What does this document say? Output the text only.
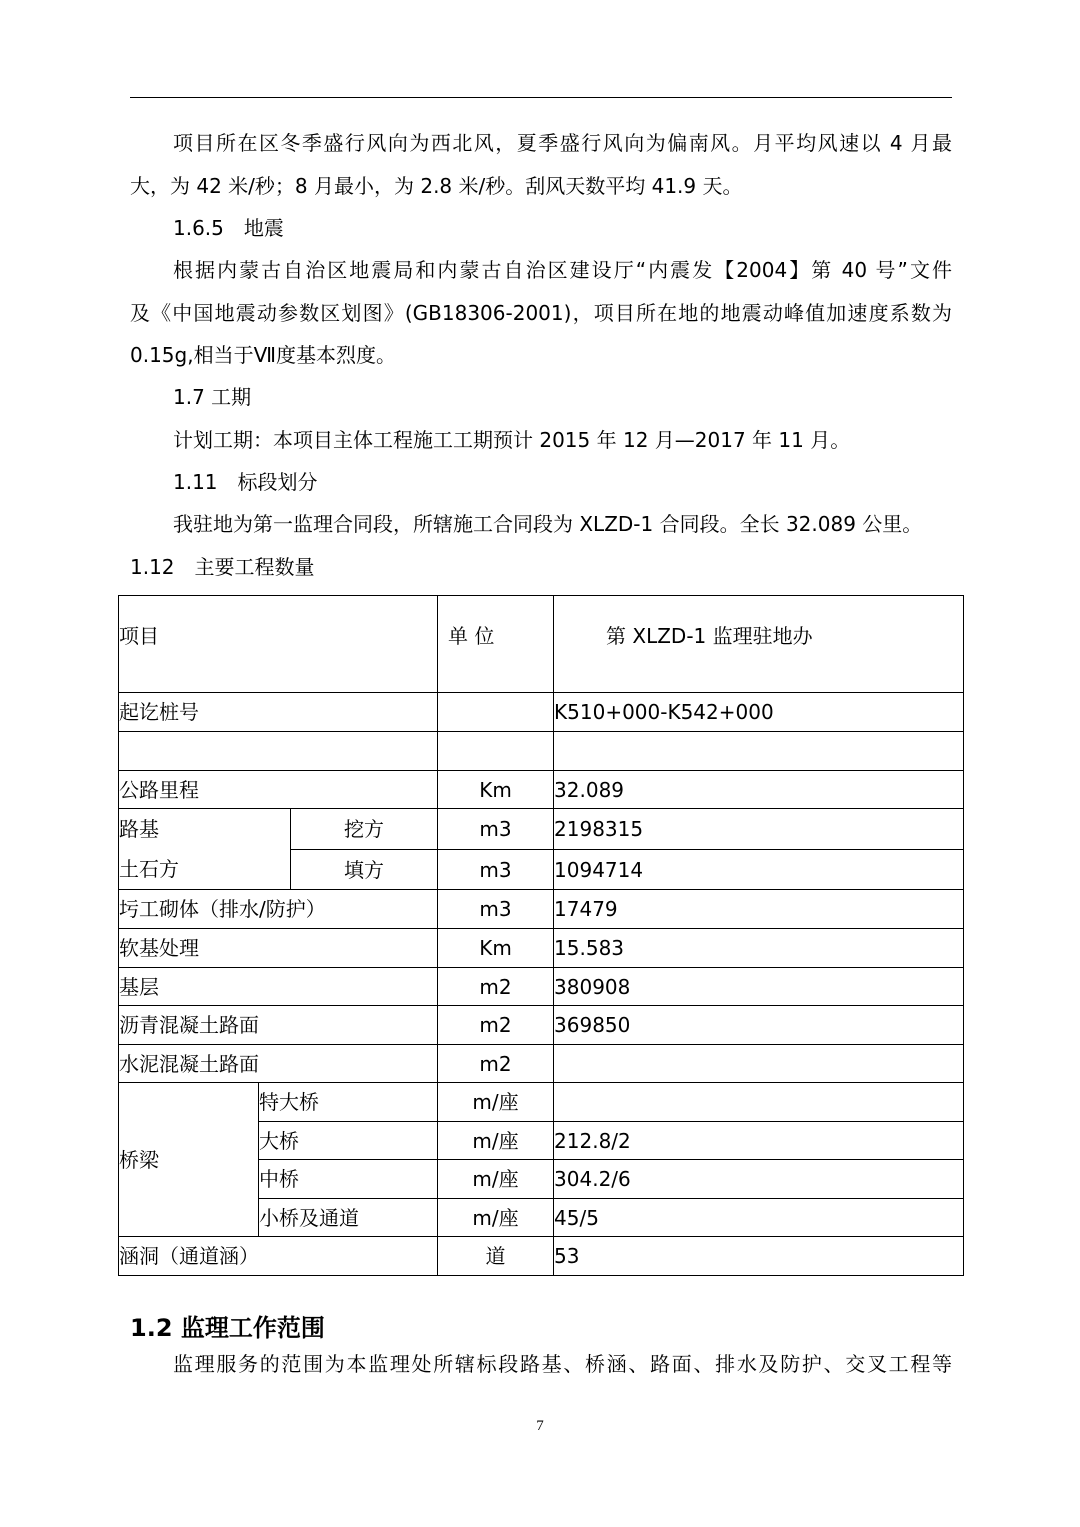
项目所在区冬季盛行风向为西北风，夏季盛行风向为偏南风。月平均风速以 4 月最
大，为 42 米/秒；8 月最小，为 2.8 米/秒。刮风天数平均 41.9 天。
1.6.5　地震
根据内蒙古自治区地震局和内蒙古自治区建设厅“内震发【2004】第 40 号”文件
及《中国地震动参数区划图》(GB18306-2001)，项目所在地的地震动峰值加速度系数为
0.15g,相当于Ⅶ度基本烈度。
1.7 工期
计划工期：本项目主体工程施工工期预计 2015 年 12 月—2017 年 11 月。
1.11　标段划分
我驻地为第一监理合同段，所辖施工合同段为 XLZD-1 合同段。全长 32.089 公里。
1.12　主要工程数量
项目			单 位	第 XLZD-1 监理驻地办
起讫桩号				K510+000-K542+000

公路里程			Km	32.089

路基
土石方		挖方	m3	2198315
		填方	m3	1094714
圬工砌体（排水/防护）			m3	17479
软基处理			Km	15.583
基层			m2	380908
沥青混凝土路面			m2	369850
水泥混凝土路面			m2	
桥梁	特大桥		m/座	
	大桥		m/座	212.8/2
	中桥		m/座	304.2/6
	小桥及通道		m/座	45/5
涵洞（通道涵）			道	53
1.2 监理工作范围
监理服务的范围为本监理处所辖标段路基、桥涵、路面、排水及防护、交叉工程等
7
